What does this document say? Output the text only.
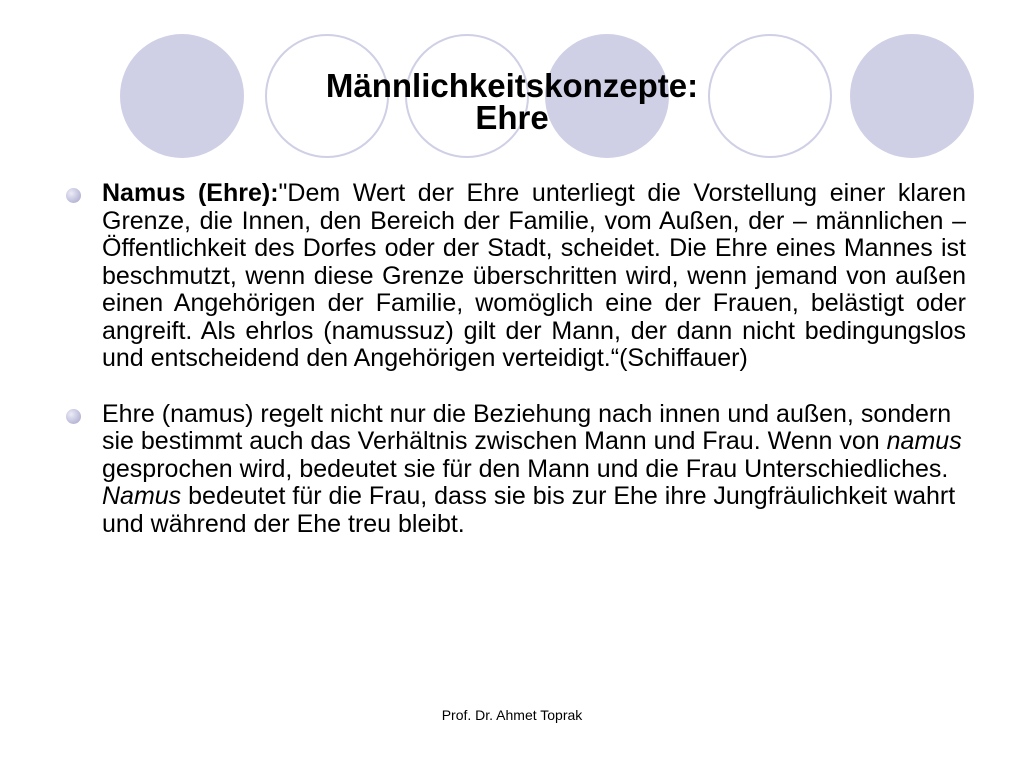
Männlichkeitskonzepte:
Ehre

Namus (Ehre):"Dem Wert der Ehre unterliegt die Vorstellung einer klaren Grenze, die Innen, den Bereich der Familie, vom Außen, der – männlichen – Öffentlichkeit des Dorfes oder der Stadt, scheidet. Die Ehre eines Mannes ist beschmutzt, wenn diese Grenze überschritten wird, wenn jemand von außen einen Angehörigen der Familie, womöglich eine der Frauen, belästigt oder angreift. Als ehrlos (namussuz) gilt der Mann, der dann nicht bedingungslos und entscheidend den Angehörigen verteidigt.“(Schiffauer)

Ehre (namus) regelt nicht nur die Beziehung nach innen und außen, sondern sie bestimmt auch das Verhältnis zwischen Mann und Frau. Wenn von namus gesprochen wird, bedeutet sie für den Mann und die Frau Unterschiedliches. Namus bedeutet für die Frau, dass sie bis zur Ehe ihre Jungfräulichkeit wahrt und während der Ehe treu bleibt.

Prof. Dr. Ahmet Toprak
